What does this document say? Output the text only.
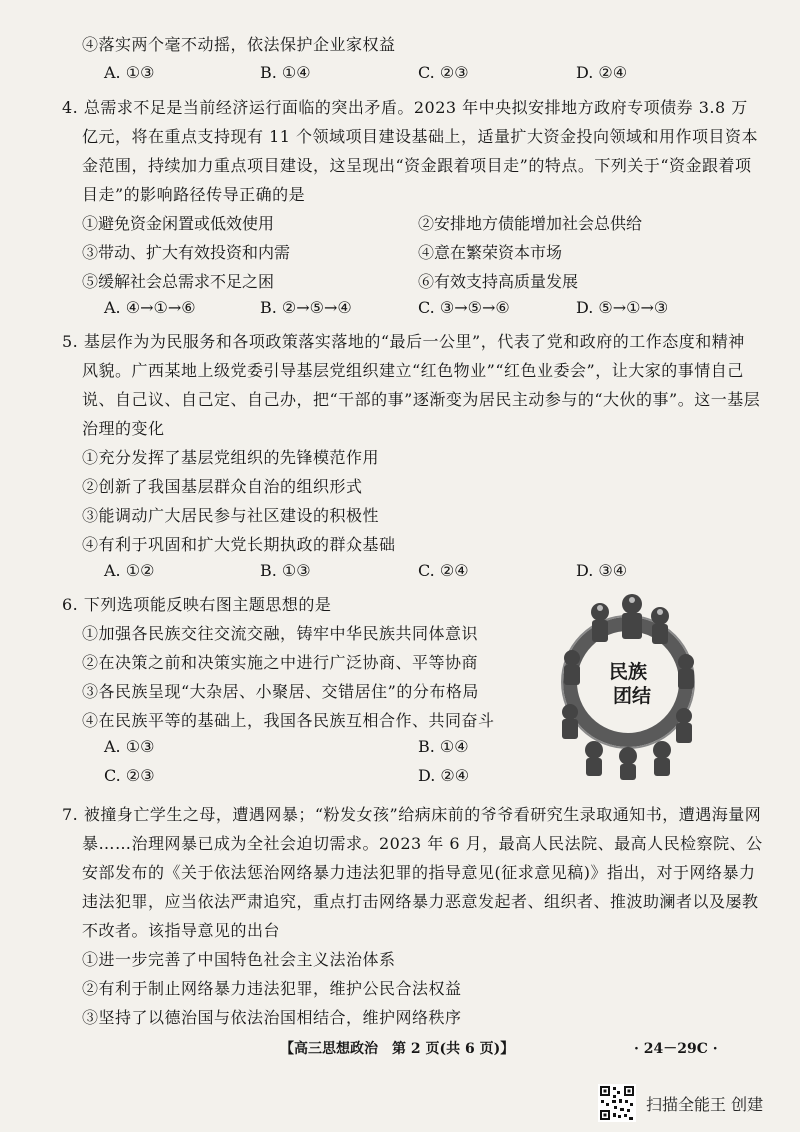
④落实两个毫不动摇，依法保护企业家权益
A. ①③	B. ①④	C. ②③	D. ②④
4. 总需求不足是当前经济运行面临的突出矛盾。2023 年中央拟安排地方政府专项债券 3.8 万
亿元，将在重点支持现有 11 个领域项目建设基础上，适量扩大资金投向领域和用作项目资本
金范围，持续加力重点项目建设，这呈现出“资金跟着项目走”的特点。下列关于“资金跟着项
目走”的影响路径传导正确的是
①避免资金闲置或低效使用	②安排地方债能增加社会总供给
③带动、扩大有效投资和内需	④意在繁荣资本市场
⑤缓解社会总需求不足之困	⑥有效支持高质量发展
A. ④→①→⑥	B. ②→⑤→④	C. ③→⑤→⑥	D. ⑤→①→③
5. 基层作为为民服务和各项政策落实落地的“最后一公里”，代表了党和政府的工作态度和精神
风貌。广西某地上级党委引导基层党组织建立“红色物业”“红色业委会”，让大家的事情自己
说、自己议、自己定、自己办，把“干部的事”逐渐变为居民主动参与的“大伙的事”。这一基层
治理的变化
①充分发挥了基层党组织的先锋模范作用
②创新了我国基层群众自治的组织形式
③能调动广大居民参与社区建设的积极性
④有利于巩固和扩大党长期执政的群众基础
A. ①②	B. ①③	C. ②④	D. ③④
6. 下列选项能反映右图主题思想的是
①加强各民族交往交流交融，铸牢中华民族共同体意识
②在决策之前和决策实施之中进行广泛协商、平等协商
③各民族呈现“大杂居、小聚居、交错居住”的分布格局
④在民族平等的基础上，我国各民族互相合作、共同奋斗
A. ①③	B. ①④
C. ②③	D. ②④
民族
团结
7. 被撞身亡学生之母，遭遇网暴；“粉发女孩”给病床前的爷爷看研究生录取通知书，遭遇海量网
暴……治理网暴已成为全社会迫切需求。2023 年 6 月，最高人民法院、最高人民检察院、公
安部发布的《关于依法惩治网络暴力违法犯罪的指导意见(征求意见稿)》指出，对于网络暴力
违法犯罪，应当依法严肃追究，重点打击网络暴力恶意发起者、组织者、推波助澜者以及屡教
不改者。该指导意见的出台
①进一步完善了中国特色社会主义法治体系
②有利于制止网络暴力违法犯罪，维护公民合法权益
③坚持了以德治国与依法治国相结合，维护网络秩序
【高三思想政治　第 2 页(共 6 页)】	· 24－29C ·
扫描全能王 创建
